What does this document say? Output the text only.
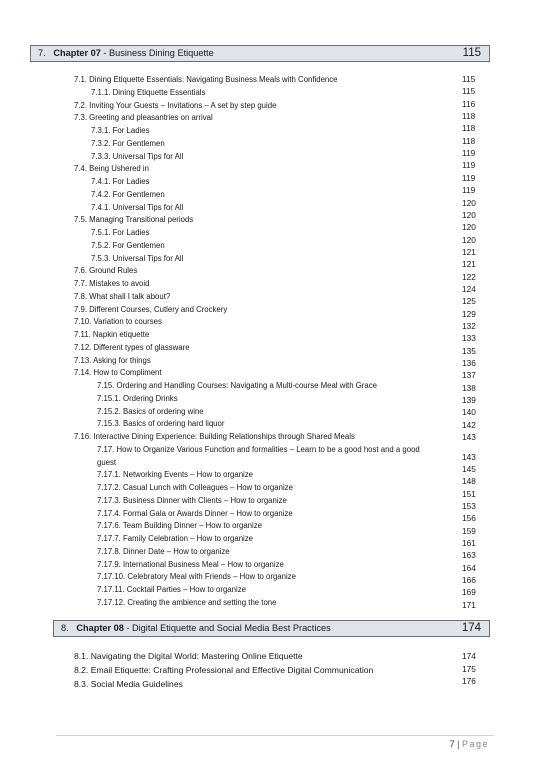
7. Chapter 07 - Business Dining Etiquette	115
7.1. Dining Etiquette Essentials: Navigating Business Meals with Confidence
7.1.1. Dining Etiquette Essentials
7.2. Inviting Your Guests – Invitations – A set by step guide
7.3. Greeting and pleasantries on arrival
7.3.1. For Ladies
7.3.2. For Gentlemen
7.3.3. Universal Tips for All
7.4. Being Ushered in
7.4.1. For Ladies
7.4.2. For Gentlemen
7.4.1. Universal Tips for All
7.5. Managing Transitional periods
7.5.1. For Ladies
7.5.2. For Gentlemen
7.5.3. Universal Tips for All
7.6. Ground Rules
7.7. Mistakes to avoid
7.8. What shall I talk about?
7.9. Different Courses, Cutlery and Crockery
7.10. Variation to courses
7.11. Napkin etiquette
7.12. Different types of glassware
7.13. Asking for things
7.14. How to Compliment
7.15. Ordering and Handling Courses: Navigating a Multi-course Meal with Grace
7.15.1. Ordering Drinks
7.15.2. Basics of ordering wine
7.15.3. Basics of ordering hard liquor
7.16. Interactive Dining Experience: Building Relationships through Shared Meals
7.17. How to Organize Various Function and formalities – Learn to be a good host and a good
guest
7.17.1. Networking Events – How to organize
7.17.2. Casual Lunch with Colleagues – How to organize
7.17.3. Business Dinner with Clients – How to organize
7.17.4. Formal Gala or Awards Dinner – How to organize
7.17.6. Team Building Dinner – How to organize
7.17.7. Family Celebration – How to organize
7.17.8. Dinner Date – How to organize
7.17.9. International Business Meal – How to organize
7.17.10. Celebratory Meal with Friends – How to organize
7.17.11. Cocktail Parties – How to organize
7.17.12. Creating the ambience and setting the tone
115
115
116
118
118
118
119
119
119
119
120
120
120
120
121
121
122
124
125
129
132
133
135
136
137
138
139
140
142
143
143
145
148
151
153
156
159
161
163
164
166
169
171
8. Chapter 08 - Digital Etiquette and Social Media Best Practices	174
8.1. Navigating the Digital World: Mastering Online Etiquette
8.2. Email Etiquette: Crafting Professional and Effective Digital Communication
8.3. Social Media Guidelines
174
175
176
7 | Page
